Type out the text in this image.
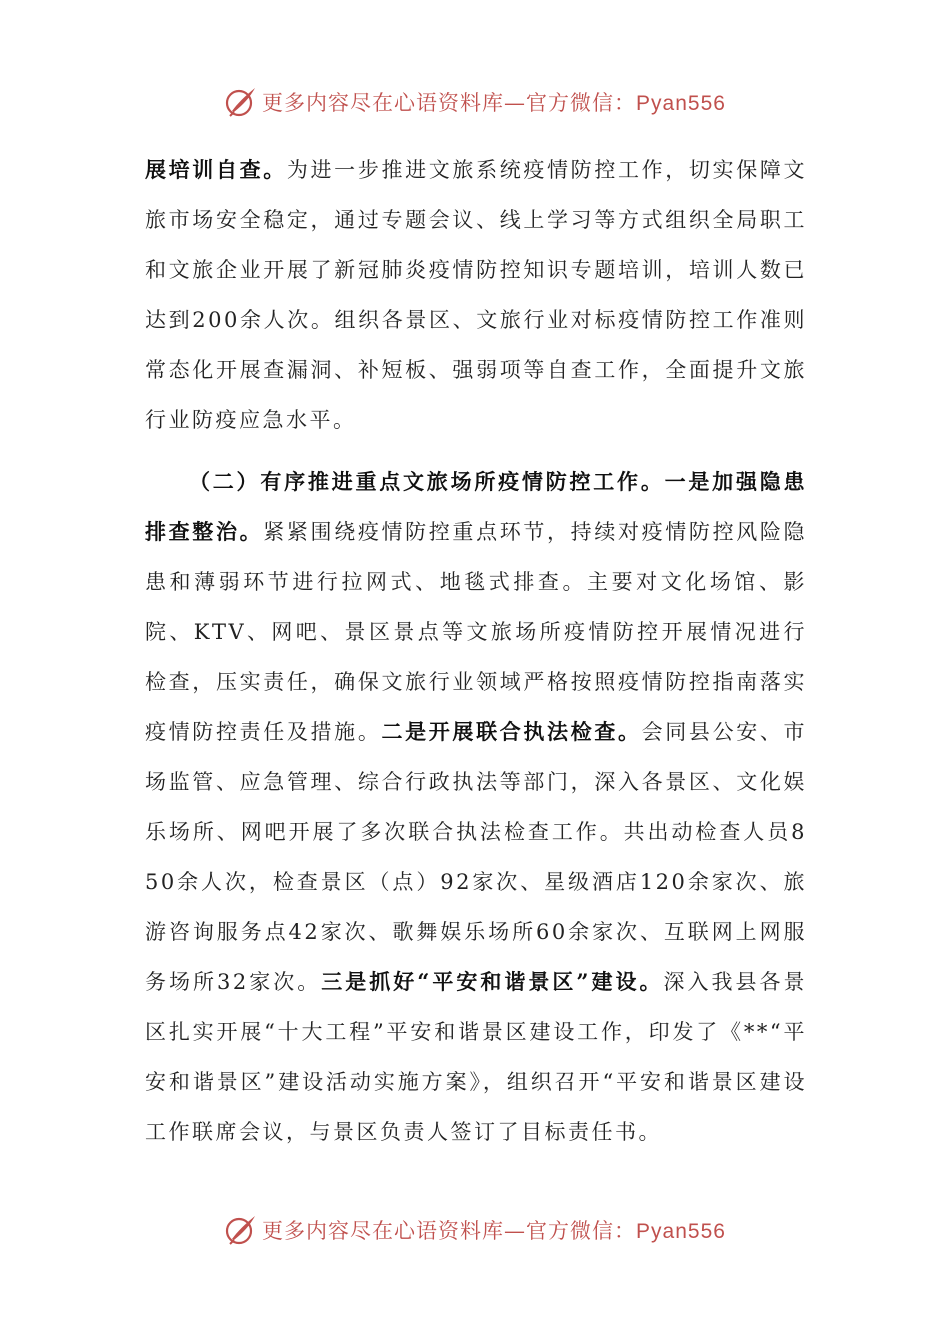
更多内容尽在心语资料库—官方微信：Pyan556

展培训自查。为进一步推进文旅系统疫情防控工作，切实保障文旅市场安全稳定，通过专题会议、线上学习等方式组织全局职工和文旅企业开展了新冠肺炎疫情防控知识专题培训，培训人数已达到200余人次。组织各景区、文旅行业对标疫情防控工作准则常态化开展查漏洞、补短板、强弱项等自查工作，全面提升文旅行业防疫应急水平。

（二）有序推进重点文旅场所疫情防控工作。一是加强隐患排查整治。紧紧围绕疫情防控重点环节，持续对疫情防控风险隐患和薄弱环节进行拉网式、地毯式排查。主要对文化场馆、影院、KTV、网吧、景区景点等文旅场所疫情防控开展情况进行检查，压实责任，确保文旅行业领域严格按照疫情防控指南落实疫情防控责任及措施。二是开展联合执法检查。会同县公安、市场监管、应急管理、综合行政执法等部门，深入各景区、文化娱乐场所、网吧开展了多次联合执法检查工作。共出动检查人员850余人次，检查景区（点）92家次、星级酒店120余家次、旅游咨询服务点42家次、歌舞娱乐场所60余家次、互联网上网服务场所32家次。三是抓好“平安和谐景区”建设。深入我县各景区扎实开展“十大工程”平安和谐景区建设工作，印发了《**“平安和谐景区”建设活动实施方案》，组织召开“平安和谐景区建设工作联席会议，与景区负责人签订了目标责任书。

更多内容尽在心语资料库—官方微信：Pyan556
